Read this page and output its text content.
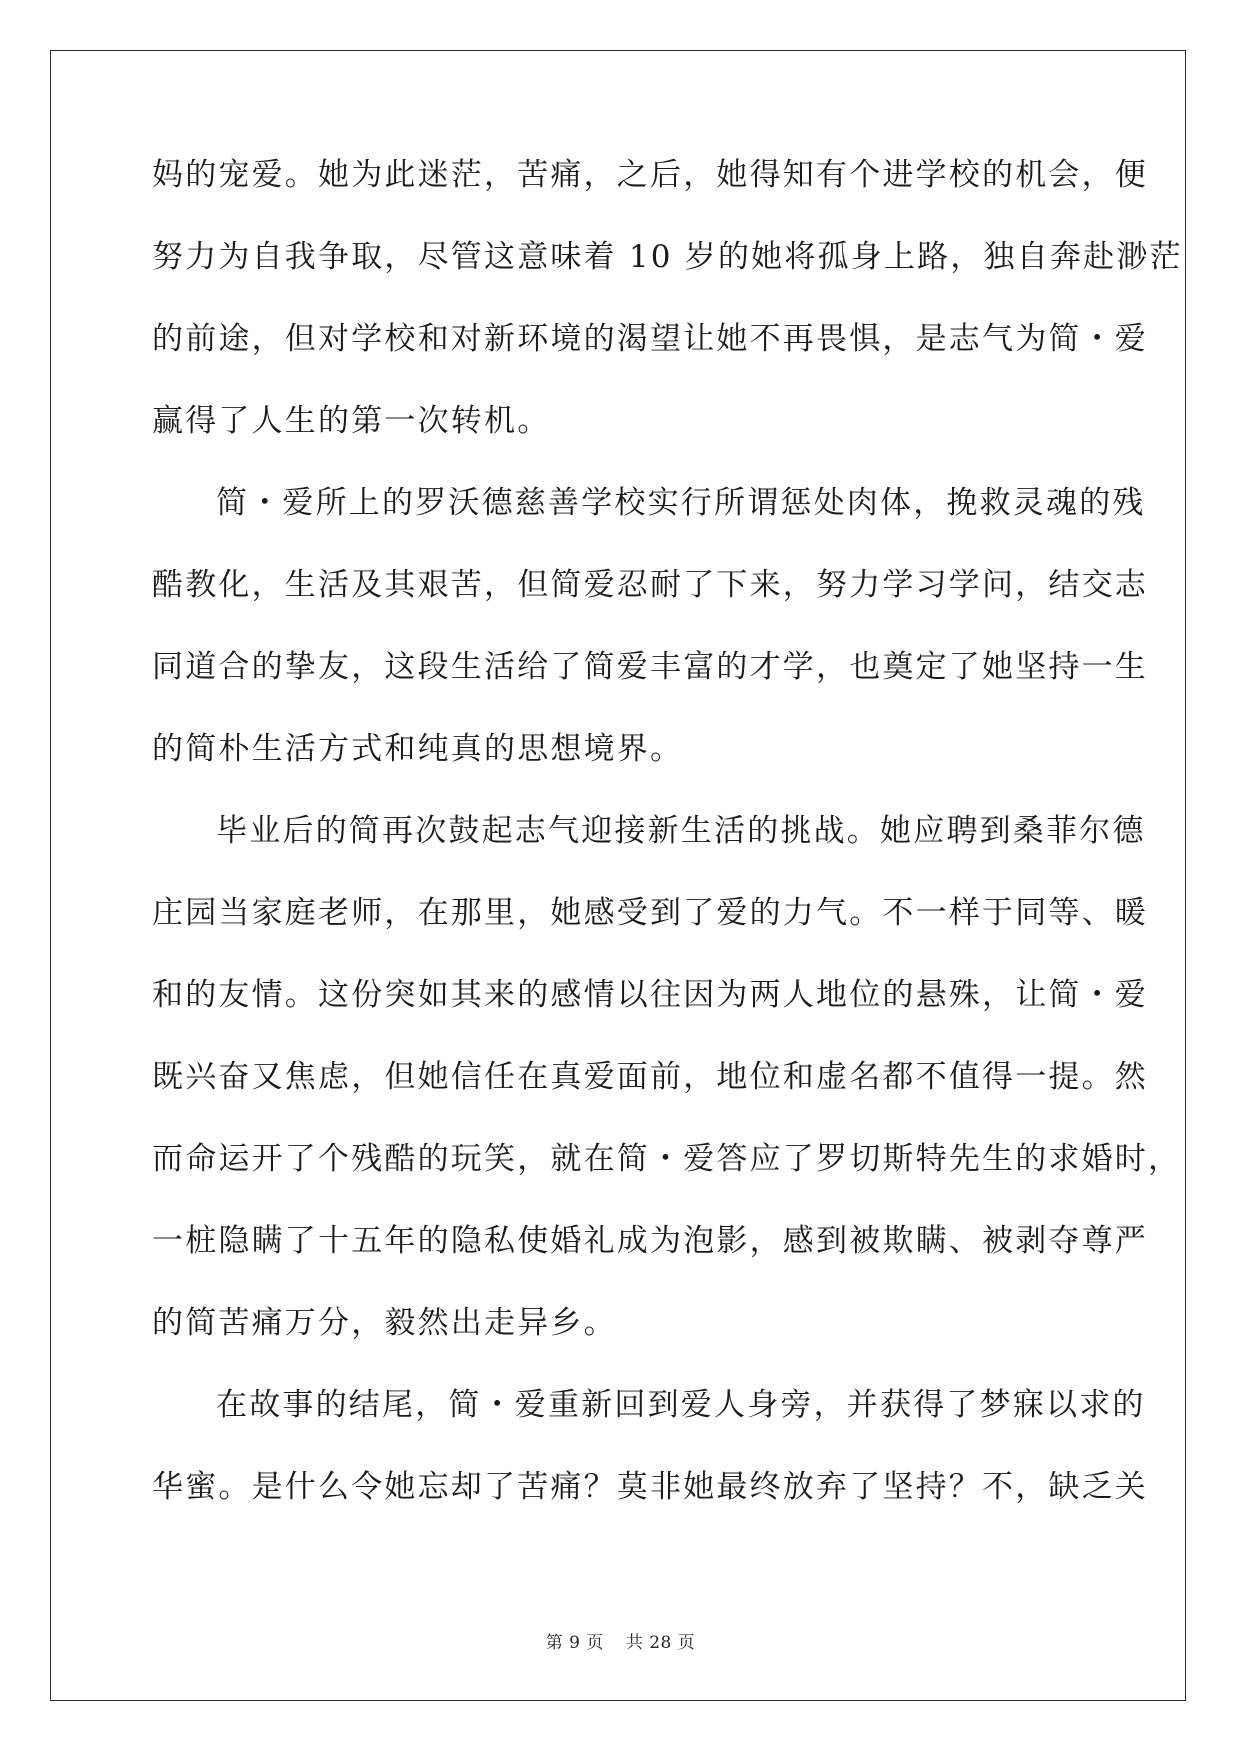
妈的宠爱。她为此迷茫，苦痛，之后，她得知有个进学校的机会，便
努力为自我争取，尽管这意味着 10 岁的她将孤身上路，独自奔赴渺茫
的前途，但对学校和对新环境的渴望让她不再畏惧，是志气为简・爱
赢得了人生的第一次转机。
简・爱所上的罗沃德慈善学校实行所谓惩处肉体，挽救灵魂的残
酷教化，生活及其艰苦，但简爱忍耐了下来，努力学习学问，结交志
同道合的挚友，这段生活给了简爱丰富的才学，也奠定了她坚持一生
的简朴生活方式和纯真的思想境界。
毕业后的简再次鼓起志气迎接新生活的挑战。她应聘到桑菲尔德
庄园当家庭老师，在那里，她感受到了爱的力气。不一样于同等、暖
和的友情。这份突如其来的感情以往因为两人地位的悬殊，让简・爱
既兴奋又焦虑，但她信任在真爱面前，地位和虚名都不值得一提。然
而命运开了个残酷的玩笑，就在简・爱答应了罗切斯特先生的求婚时，
一桩隐瞒了十五年的隐私使婚礼成为泡影，感到被欺瞒、被剥夺尊严
的简苦痛万分，毅然出走异乡。
在故事的结尾，简・爱重新回到爱人身旁，并获得了梦寐以求的
华蜜。是什么令她忘却了苦痛？莫非她最终放弃了坚持？不，缺乏关
第 9 页 共 28 页
